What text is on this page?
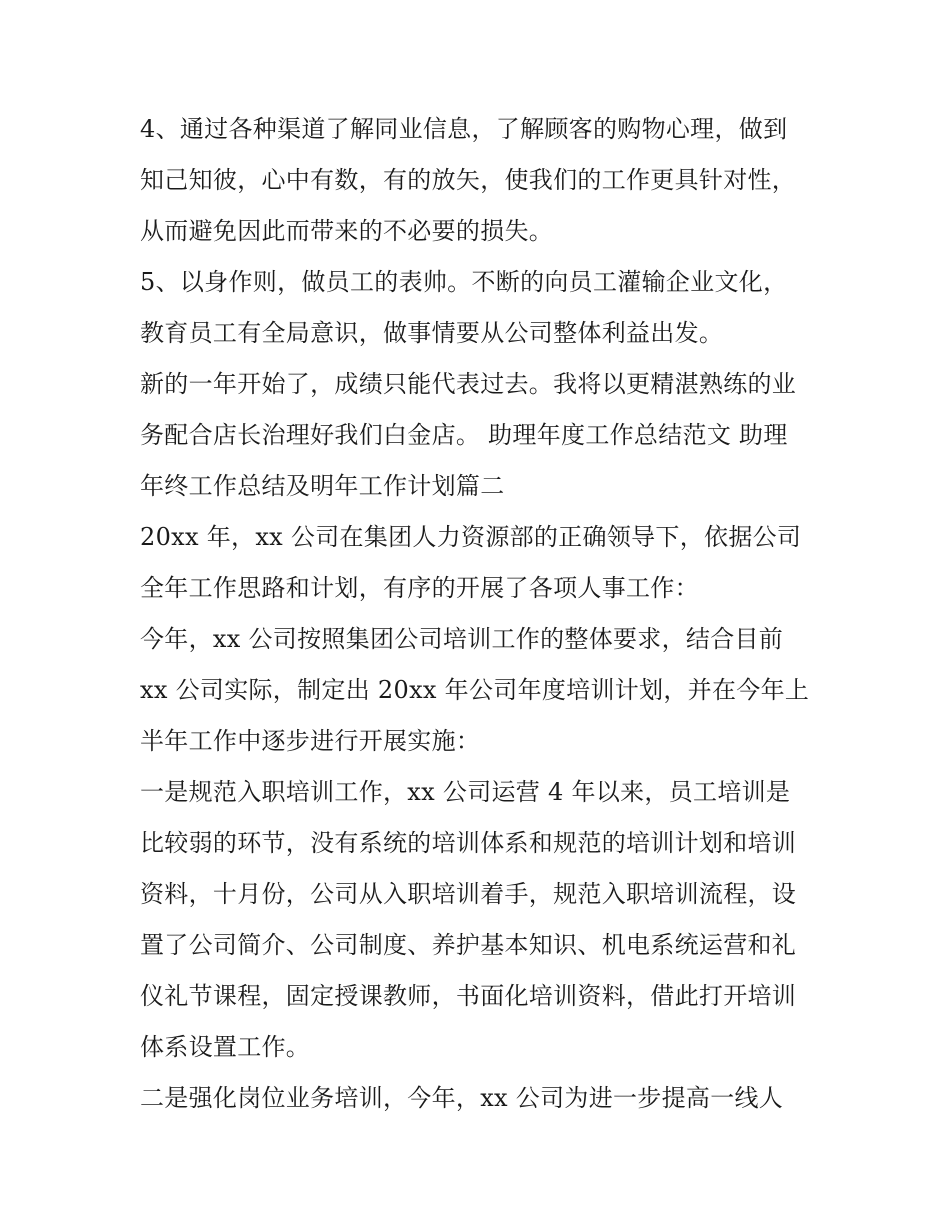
4、通过各种渠道了解同业信息，了解顾客的购物心理，做到
知己知彼，心中有数，有的放矢，使我们的工作更具针对性，
从而避免因此而带来的不必要的损失。
5、以身作则，做员工的表帅。不断的向员工灌输企业文化，
教育员工有全局意识，做事情要从公司整体利益出发。
新的一年开始了，成绩只能代表过去。我将以更精湛熟练的业
务配合店长治理好我们白金店。 助理年度工作总结范文 助理
年终工作总结及明年工作计划篇二
20xx 年，xx 公司在集团人力资源部的正确领导下，依据公司
全年工作思路和计划，有序的开展了各项人事工作：
今年，xx 公司按照集团公司培训工作的整体要求，结合目前
xx 公司实际，制定出 20xx 年公司年度培训计划，并在今年上
半年工作中逐步进行开展实施：
一是规范入职培训工作，xx 公司运营 4 年以来，员工培训是
比较弱的环节，没有系统的培训体系和规范的培训计划和培训
资料，十月份，公司从入职培训着手，规范入职培训流程，设
置了公司简介、公司制度、养护基本知识、机电系统运营和礼
仪礼节课程，固定授课教师，书面化培训资料，借此打开培训
体系设置工作。
二是强化岗位业务培训，今年，xx 公司为进一步提高一线人
